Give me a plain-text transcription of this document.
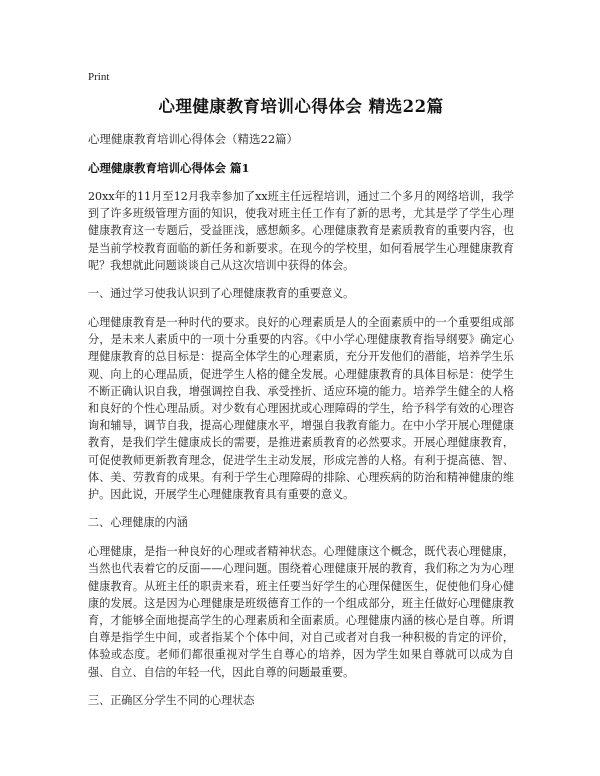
Print

心理健康教育培训心得体会 精选22篇

心理健康教育培训心得体会（精选22篇）

心理健康教育培训心得体会 篇1

20xx年的11月至12月我幸参加了xx班主任远程培训，通过二个多月的网络培训，我学到了许多班级管理方面的知识，使我对班主任工作有了新的思考，尤其是学了学生心理健康教育这一专题后，受益匪浅，感想颇多。心理健康教育是素质教育的重要内容，也是当前学校教育面临的新任务和新要求。在现今的学校里，如何看展学生心理健康教育呢？我想就此问题谈谈自己从这次培训中获得的体会。

一、通过学习使我认识到了心理健康教育的重要意义。

心理健康教育是一种时代的要求。良好的心理素质是人的全面素质中的一个重要组成部分，是未来人素质中的一项十分重要的内容。《中小学心理健康教育指导纲要》确定心理健康教育的总目标是：提高全体学生的心理素质，充分开发他们的潜能，培养学生乐观、向上的心理品质，促进学生人格的健全发展。心理健康教育的具体目标是：使学生不断正确认识自我，增强调控自我、承受挫折、适应环境的能力。培养学生健全的人格和良好的个性心理品质。对少数有心理困扰或心理障碍的学生，给予科学有效的心理咨询和辅导，调节自我，提高心理健康水平，增强自我教育能力。在中小学开展心理健康教育，是我们学生健康成长的需要，是推进素质教育的必然要求。开展心理健康教育，可促使教师更新教育理念，促进学生主动发展，形成完善的人格。有利于提高德、智、体、美、劳教育的成果。有利于学生心理障碍的排除、心理疾病的防治和精神健康的维护。因此说，开展学生心理健康教育具有重要的意义。

二、心理健康的内涵

心理健康，是指一种良好的心理或者精神状态。心理健康这个概念，既代表心理健康，当然也代表着它的反面——心理问题。围绕着心理健康开展的教育，我们称之为为心理健康教育。从班主任的职责来看，班主任要当好学生的心理保健医生，促使他们身心健康的发展。这是因为心理健康是班级德育工作的一个组成部分，班主任做好心理健康教育，才能够全面地提高学生的心理素质和全面素质。心理健康内涵的核心是自尊。所谓自尊是指学生中间，或者指某个个体中间，对自己或者对自我一种积极的肯定的评价，体验或态度。老师们都很重视对学生自尊心的培养，因为学生如果自尊就可以成为自强、自立、自信的年轻一代，因此自尊的问题最重要。

三、正确区分学生不同的心理状态
